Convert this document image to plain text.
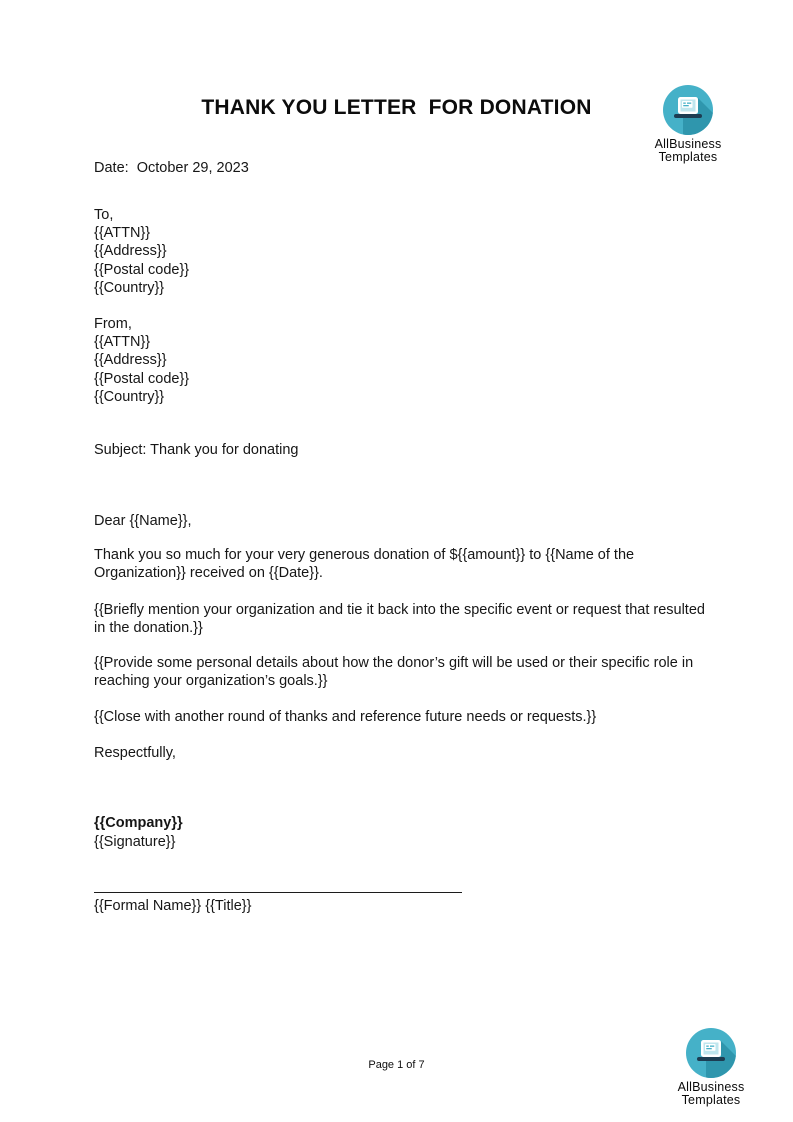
THANK YOU LETTER  FOR DONATION
AllBusiness
Templates
Date:  October 29, 2023
To,
{{ATTN}}
{{Address}}
{{Postal code}}
{{Country}}
From,
{{ATTN}}
{{Address}}
{{Postal code}}
{{Country}}
Subject: Thank you for donating
Dear {{Name}},
Thank you so much for your very generous donation of ${{amount}} to {{Name of the Organization}} received on {{Date}}.
{{Briefly mention your organization and tie it back into the specific event or request that resulted in the donation.}}
{{Provide some personal details about how the donor’s gift will be used or their specific role in reaching your organization’s goals.}}
{{Close with another round of thanks and reference future needs or requests.}}
Respectfully,
{{Company}}
{{Signature}}
{{Formal Name}} {{Title}}
Page 1 of 7
AllBusiness
Templates
